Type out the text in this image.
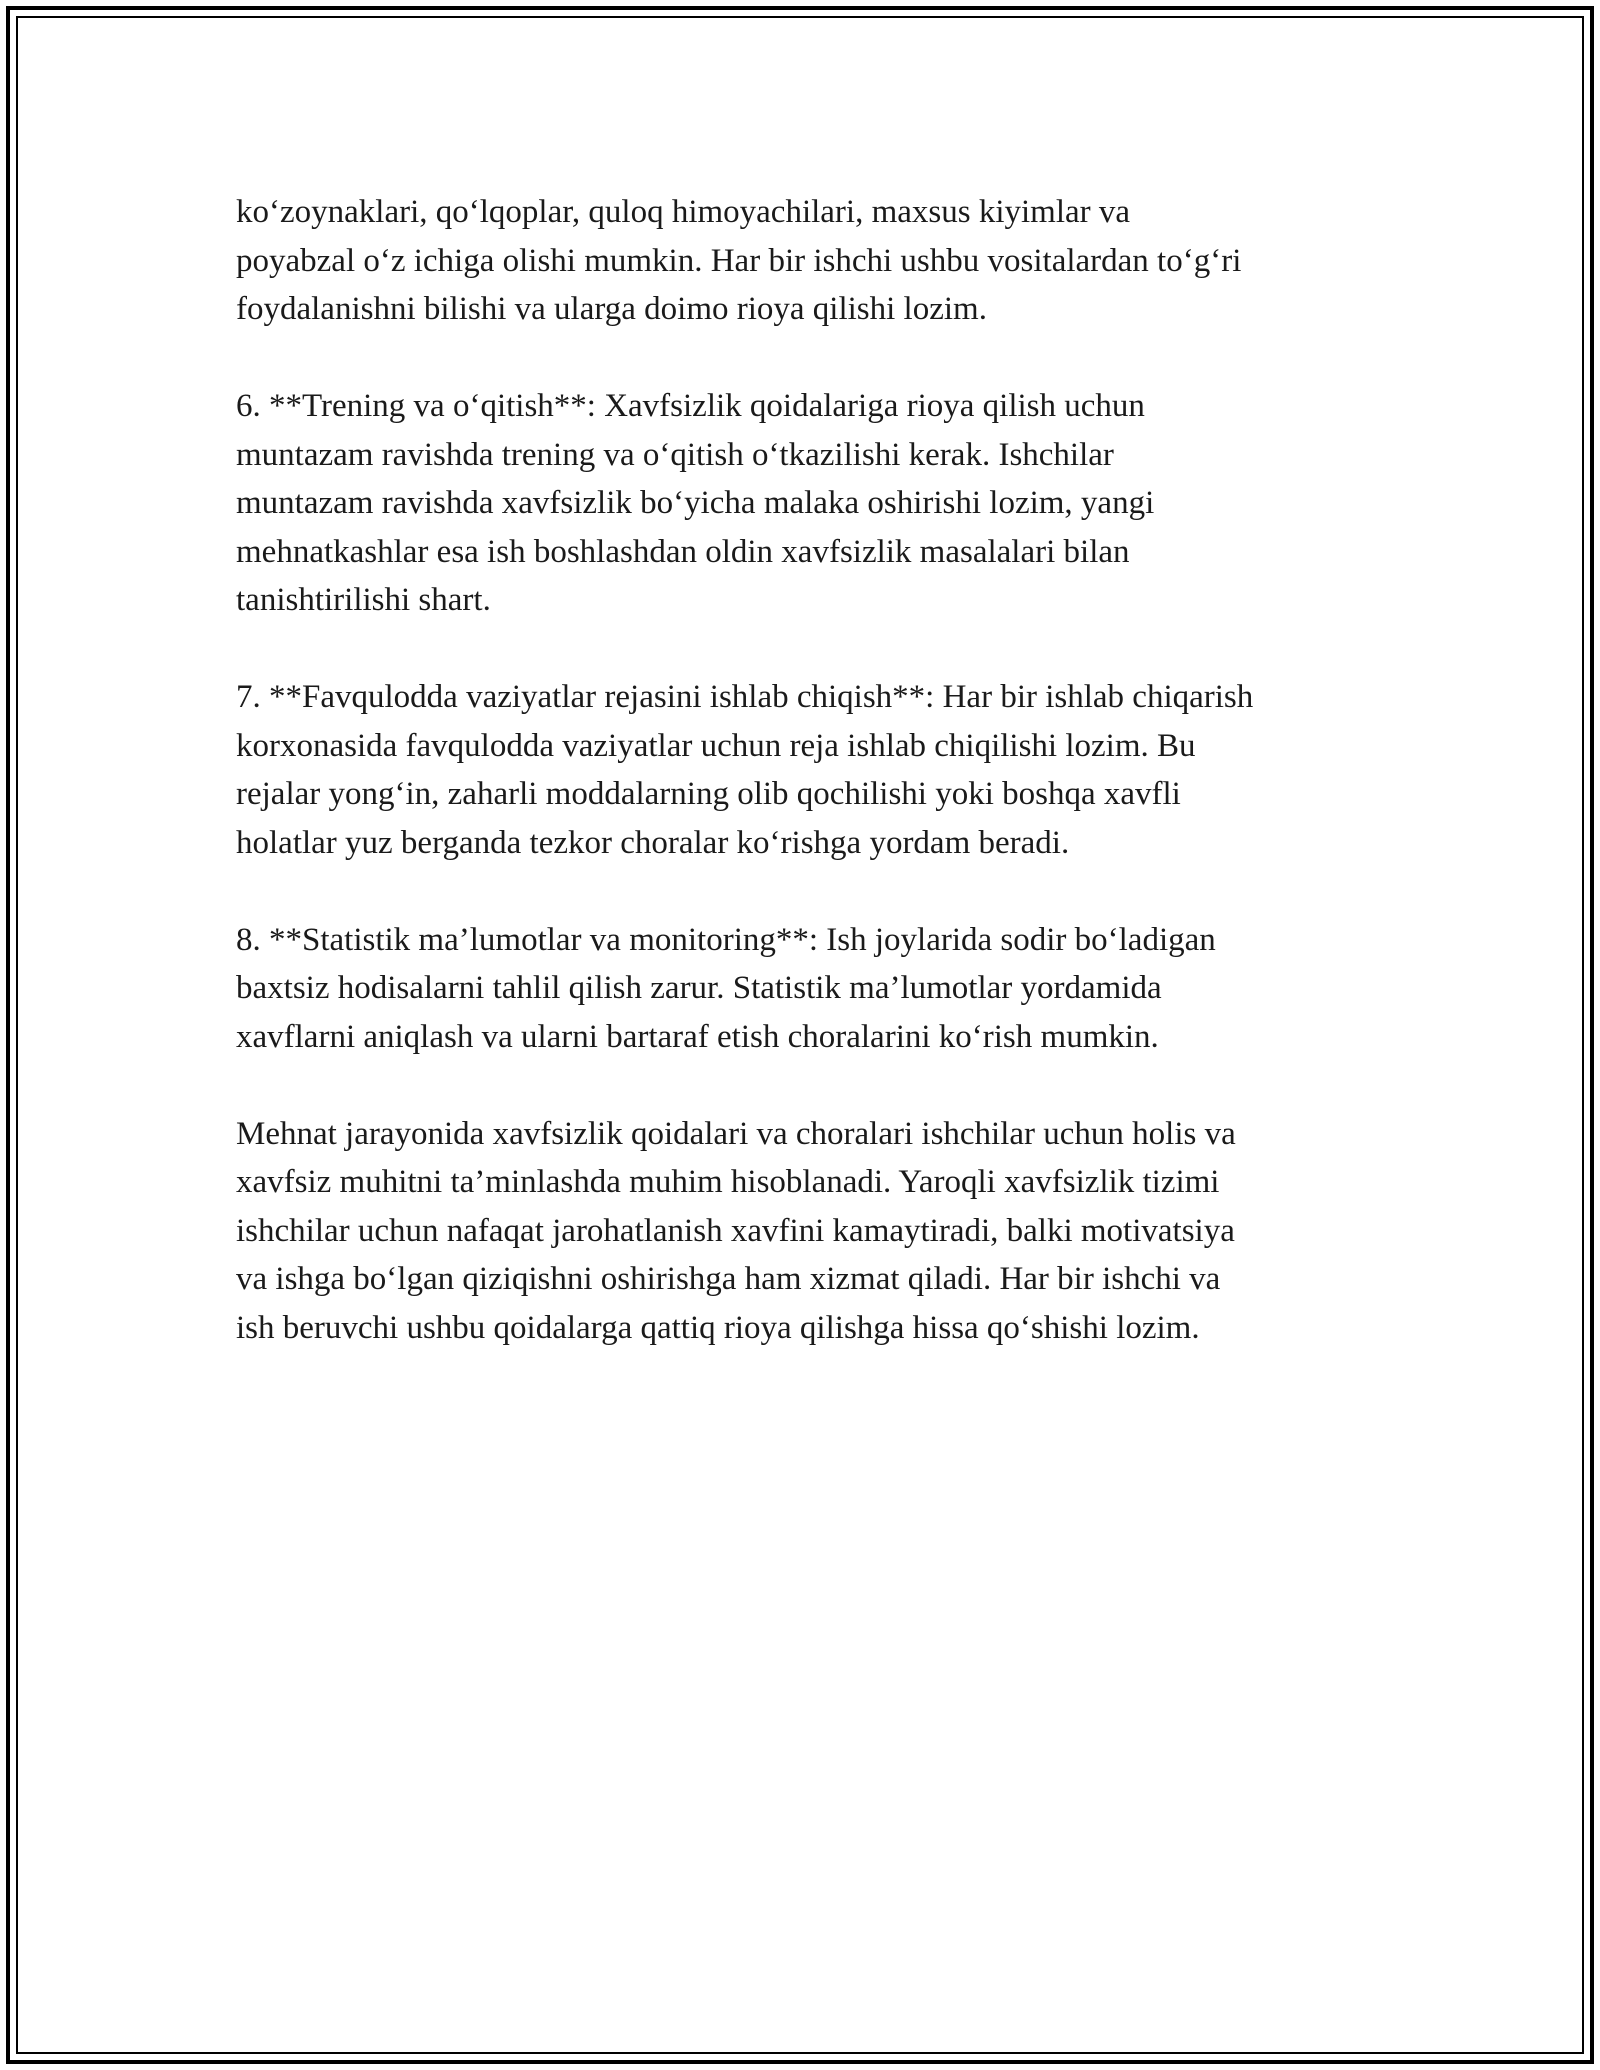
ko‘zoynaklari, qo‘lqoplar, quloq himoyachilari, maxsus kiyimlar va
poyabzal o‘z ichiga olishi mumkin. Har bir ishchi ushbu vositalardan to‘g‘ri
foydalanishni bilishi va ularga doimo rioya qilishi lozim.

6. **Trening va o‘qitish**: Xavfsizlik qoidalariga rioya qilish uchun
muntazam ravishda trening va o‘qitish o‘tkazilishi kerak. Ishchilar
muntazam ravishda xavfsizlik bo‘yicha malaka oshirishi lozim, yangi
mehnatkashlar esa ish boshlashdan oldin xavfsizlik masalalari bilan
tanishtirilishi shart.

7. **Favqulodda vaziyatlar rejasini ishlab chiqish**: Har bir ishlab chiqarish
korxonasida favqulodda vaziyatlar uchun reja ishlab chiqilishi lozim. Bu
rejalar yong‘in, zaharli moddalarning olib qochilishi yoki boshqa xavfli
holatlar yuz berganda tezkor choralar ko‘rishga yordam beradi.

8. **Statistik ma’lumotlar va monitoring**: Ish joylarida sodir bo‘ladigan
baxtsiz hodisalarni tahlil qilish zarur. Statistik ma’lumotlar yordamida
xavflarni aniqlash va ularni bartaraf etish choralarini ko‘rish mumkin.

Mehnat jarayonida xavfsizlik qoidalari va choralari ishchilar uchun holis va
xavfsiz muhitni ta’minlashda muhim hisoblanadi. Yaroqli xavfsizlik tizimi
ishchilar uchun nafaqat jarohatlanish xavfini kamaytiradi, balki motivatsiya
va ishga bo‘lgan qiziqishni oshirishga ham xizmat qiladi. Har bir ishchi va
ish beruvchi ushbu qoidalarga qattiq rioya qilishga hissa qo‘shishi lozim.
